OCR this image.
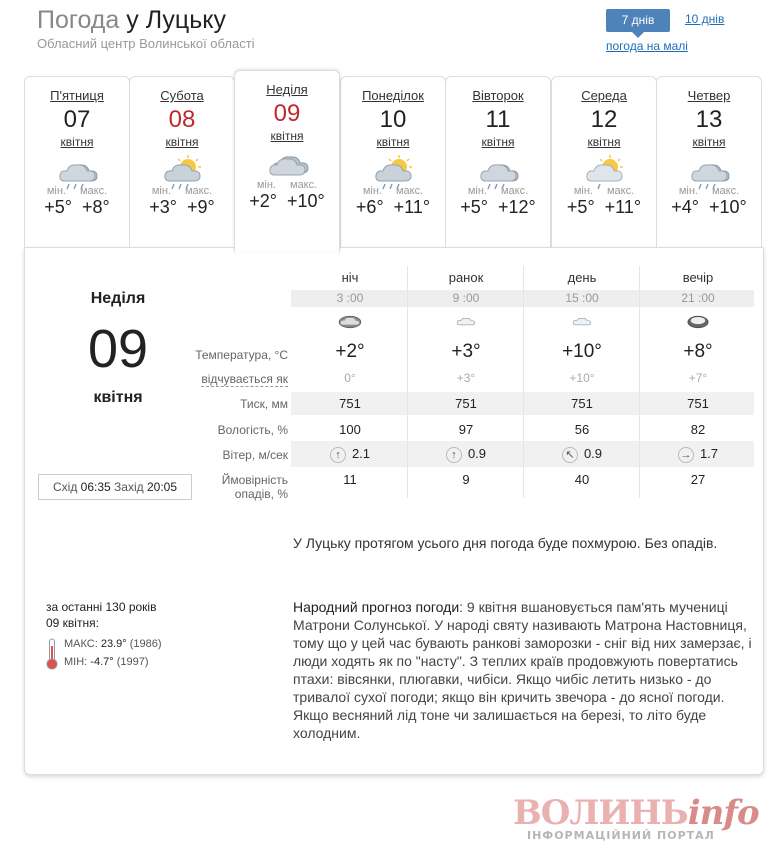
Погода у Луцьку
Обласний центр Волинської області
7 днів	10 днів
погода на малі
П'ятниця
07
квітня
мін. макс.
+5° +8°
Субота
08
квітня
мін. макс.
+3° +9°
Неділя
09
квітня
мін. макс.
+2° +10°
Понеділок
10
квітня
мін. макс.
+6° +11°
Вівторок
11
квітня
мін. макс.
+5° +12°
Середа
12
квітня
мін. макс.
+5° +11°
Четвер
13
квітня
мін. макс.
+4° +10°
Неділя
09
квітня
Схід 06:35 Захід 20:05
Температура, °C
відчувається як
Тиск, мм
Вологість, %
Вітер, м/сек
Ймовірність
опадів, %
ніч
3 :00
+2°
0°
751
100
↑ 2.1
11
ранок
9 :00
+3°
+3°
751
97
↑ 0.9
9
день
15 :00
+10°
+10°
751
56
↖ 0.9
40
вечір
21 :00
+8°
+7°
751
82
→ 1.7
27
У Луцьку протягом усього дня погода буде похмурою. Без опадів.
Народний прогноз погоди: 9 квітня вшановується пам'ять мучениці Матрони Солунської. У народі святу називають Матрона Настовниця, тому що у цей час бувають ранкові заморозки - сніг від них замерзає, і люди ходять як по "насту". З теплих країв продовжують повертатись птахи: вівсянки, плюгавки, чибіси. Якщо чибіс летить низько - до тривалої сухої погоди; якщо він кричить звечора - до ясної погоди. Якщо весняний лід тоне чи залишається на березі, то літо буде холодним.
за останні 130 років
09 квітня:
МАКС: 23.9° (1986)
МІН: -4.7° (1997)
ВОЛИНЬinfo
ІНФОРМАЦІЙНИЙ ПОРТАЛ
